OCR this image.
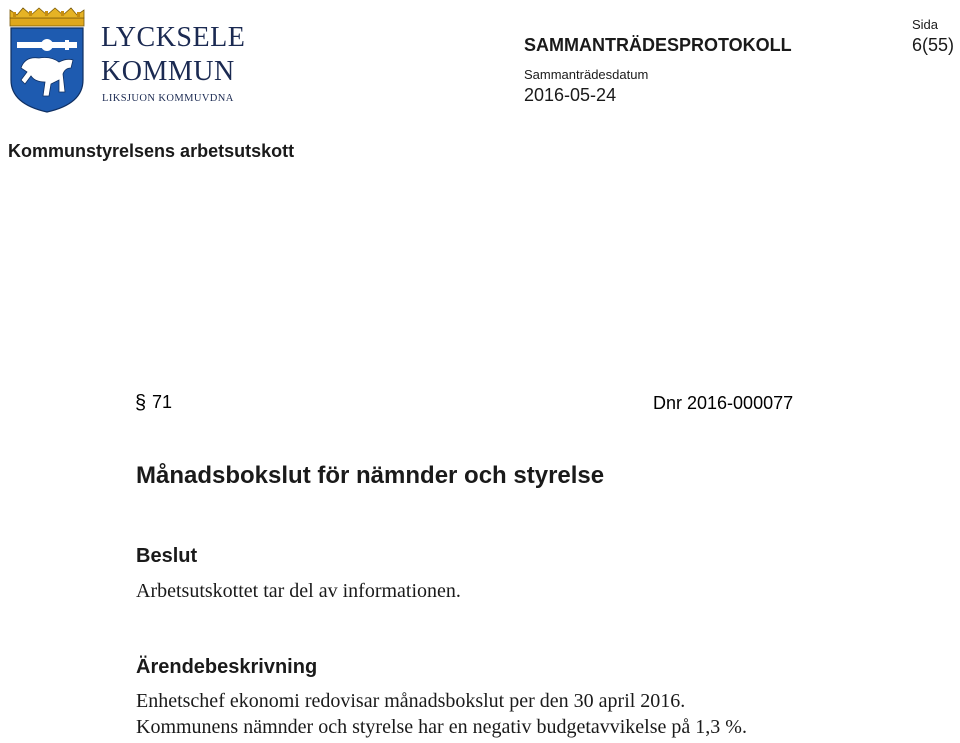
LYCKSELE
KOMMUN
LIKSJUON KOMMUVDNA
SAMMANTRÄDESPROTOKOLL
Sida
6(55)
Sammanträdesdatum
2016-05-24
Kommunstyrelsens arbetsutskott
§ 71	Dnr 2016-000077
Månadsbokslut för nämnder och styrelse
Beslut
Arbetsutskottet tar del av informationen.
Ärendebeskrivning
Enhetschef ekonomi redovisar månadsbokslut per den 30 april 2016.
Kommunens nämnder och styrelse har en negativ budgetavvikelse på 1,3 %.
